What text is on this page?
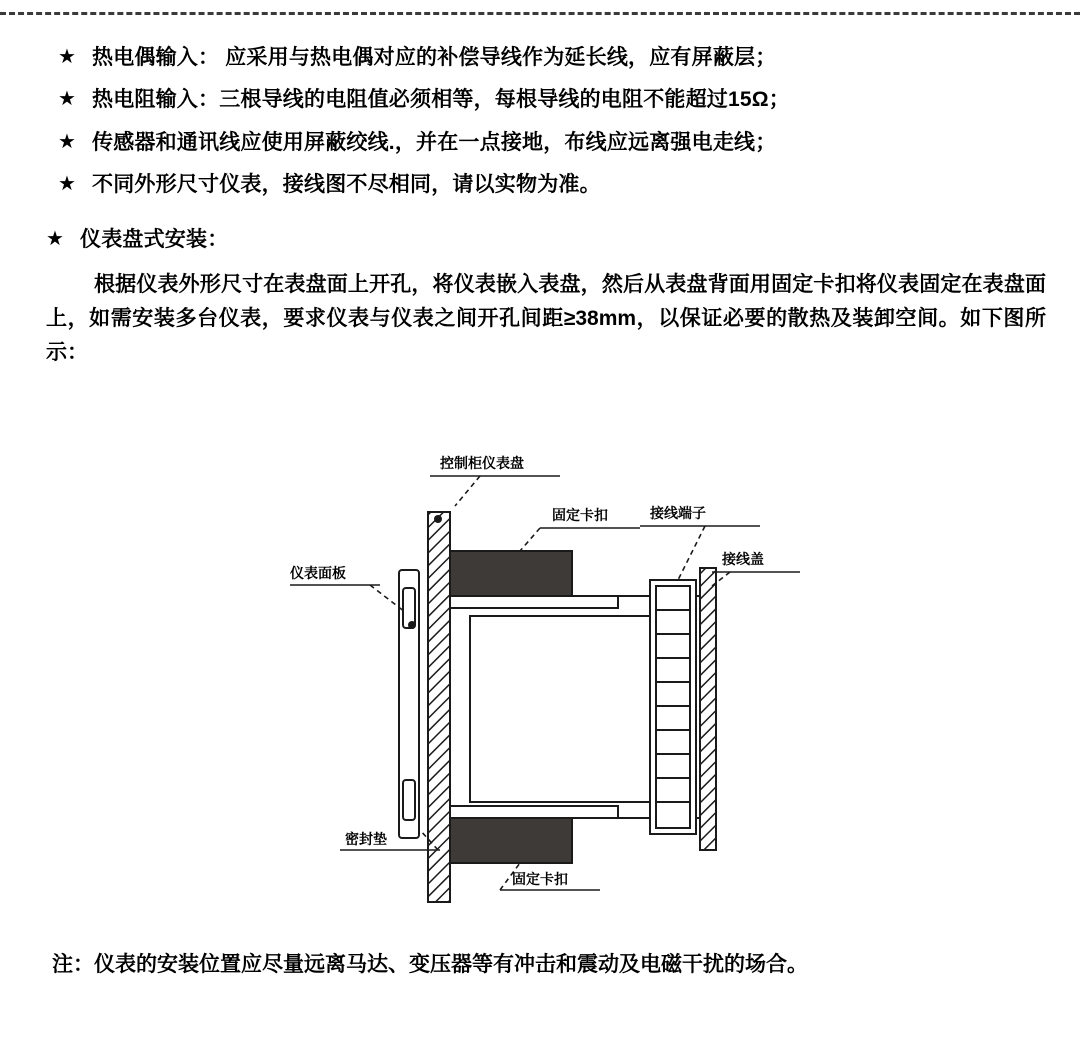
★ 热电偶输入： 应采用与热电偶对应的补偿导线作为延长线，应有屏蔽层；
★ 热电阻输入：三根导线的电阻值必须相等，每根导线的电阻不能超过15Ω；
★ 传感器和通讯线应使用屏蔽绞线.，并在一点接地，布线应远离强电走线；
★ 不同外形尺寸仪表，接线图不尽相同，请以实物为准。
★ 仪表盘式安装：
根据仪表外形尺寸在表盘面上开孔，将仪表嵌入表盘，然后从表盘背面用固定卡扣将仪表固定在表盘面上，如需安装多台仪表，要求仪表与仪表之间开孔间距≥38mm，以保证必要的散热及装卸空间。如下图所示：
控制柜仪表盘
固定卡扣	接线端子
接线盖
仪表面板
密封垫
固定卡扣
注：仪表的安装位置应尽量远离马达、变压器等有冲击和震动及电磁干扰的场合。
